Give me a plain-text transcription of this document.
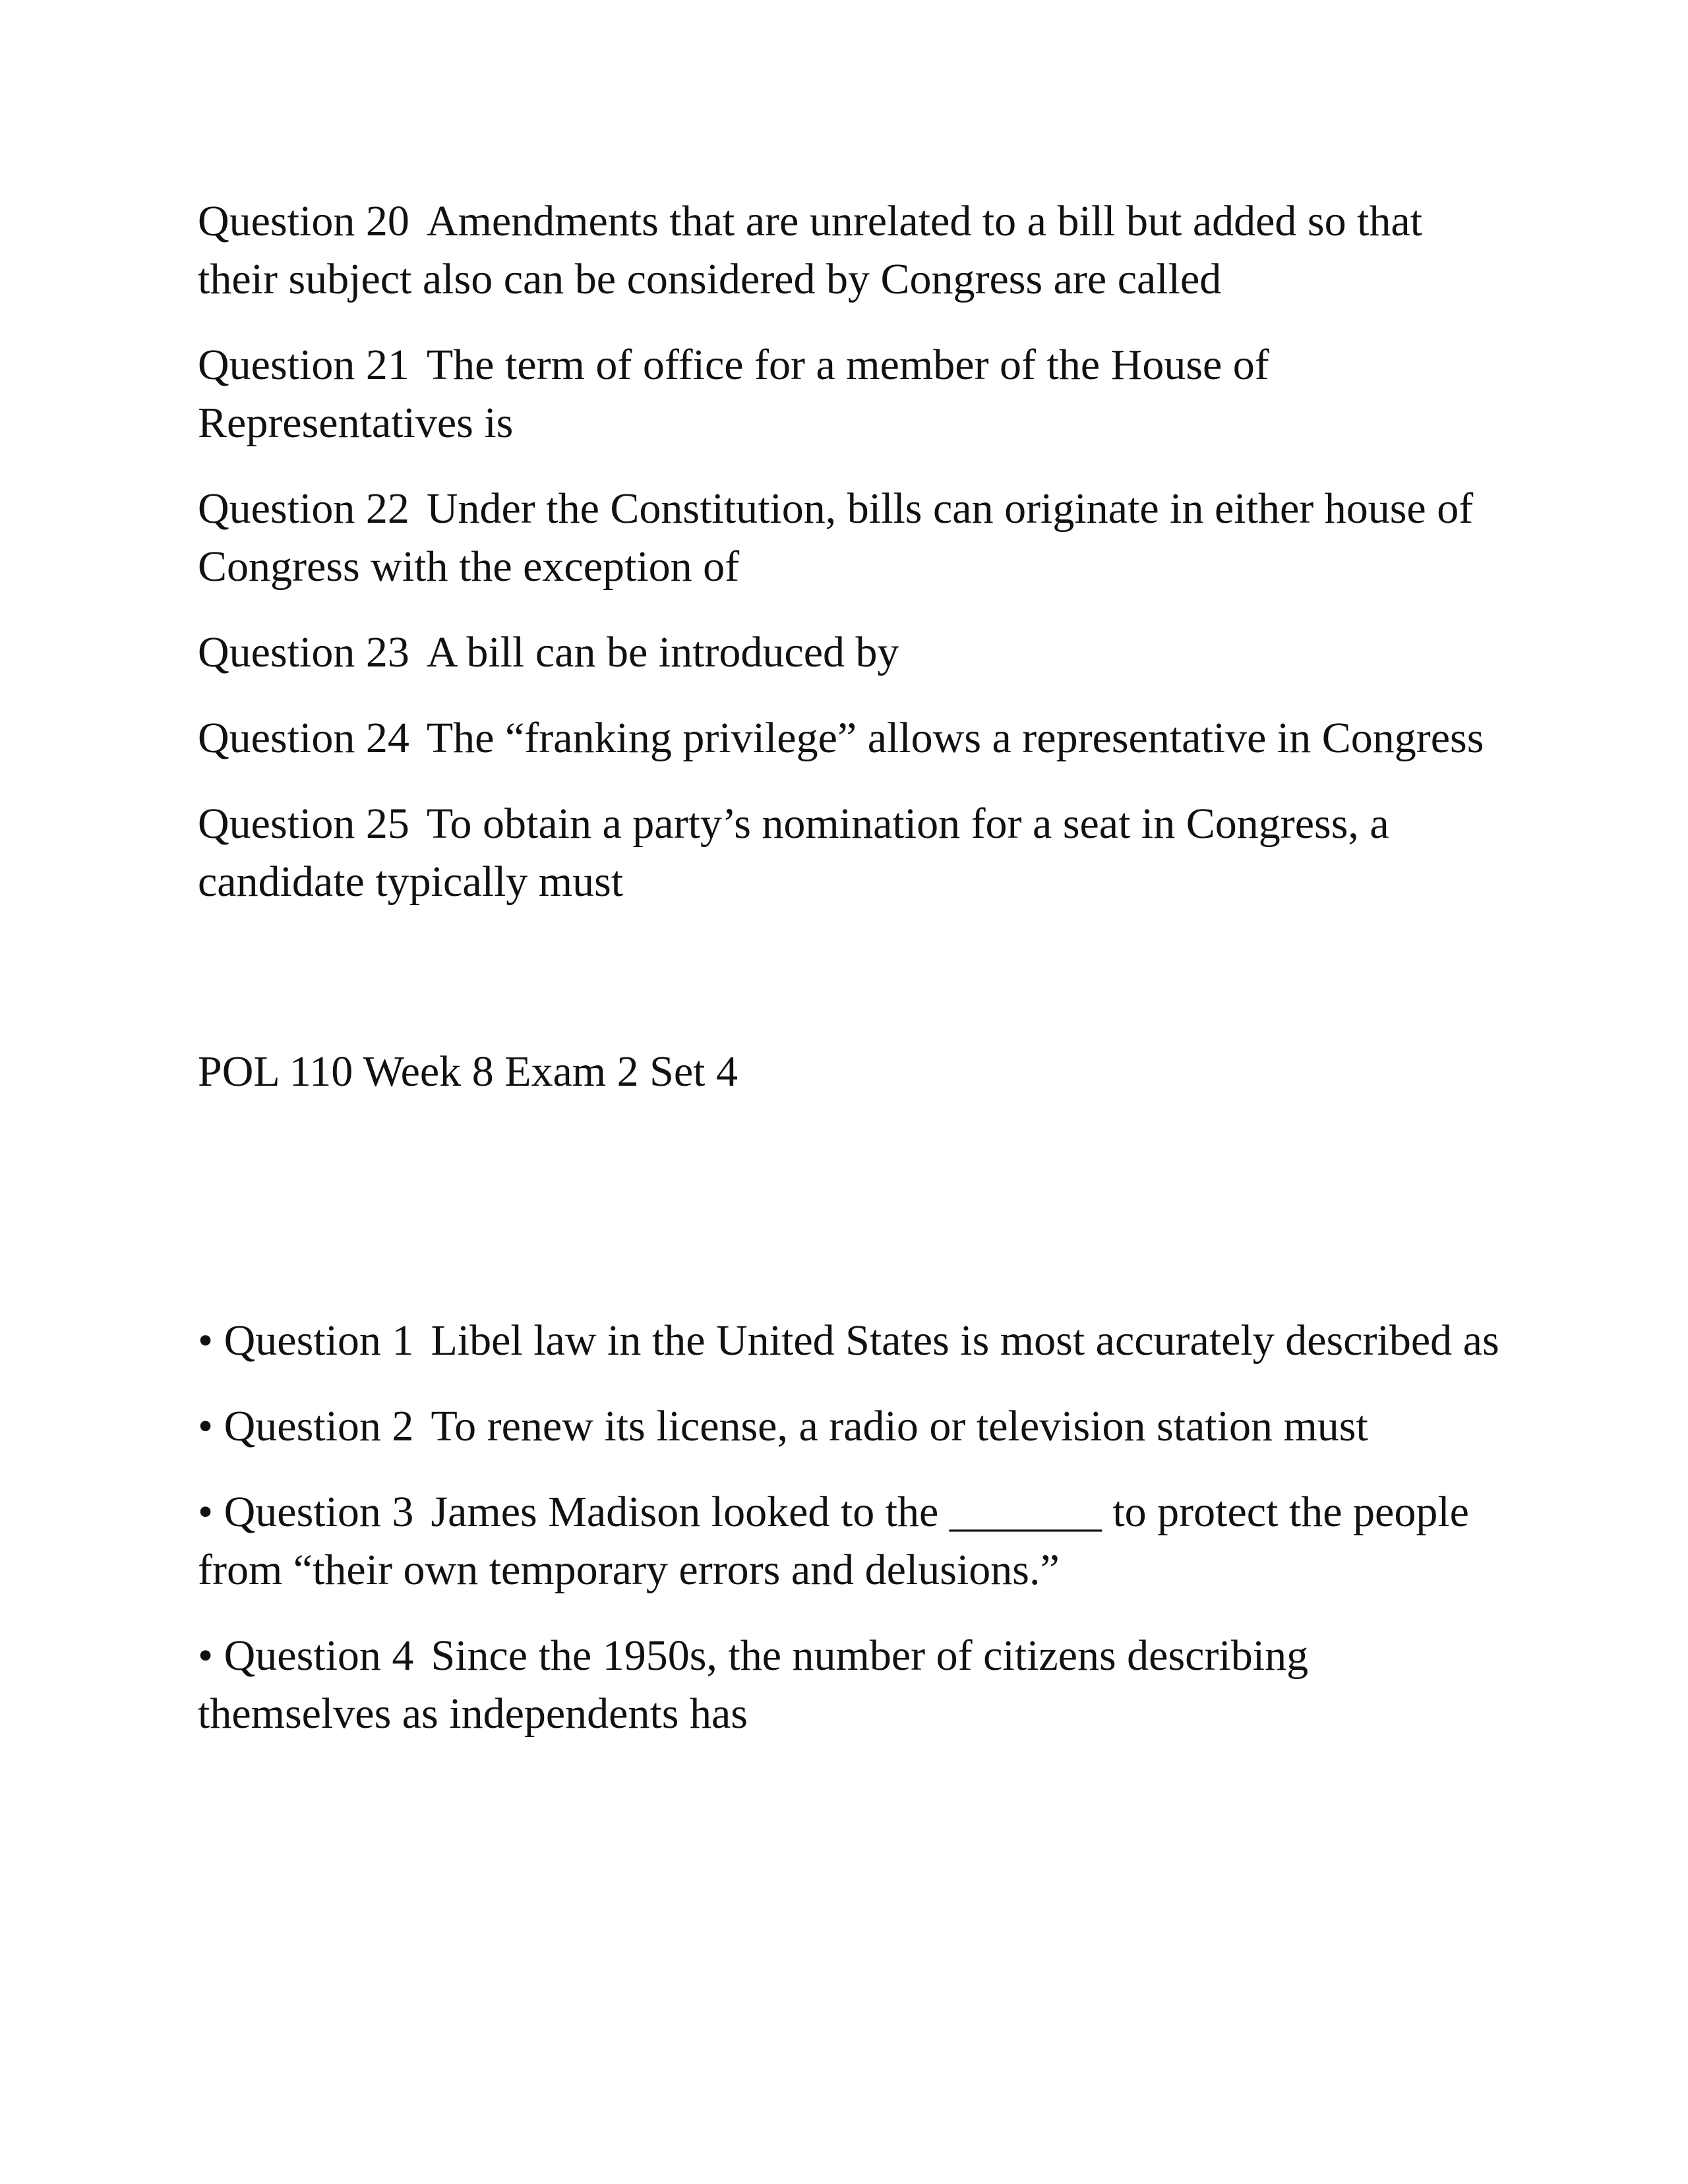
Question 20 Amendments that are unrelated to a bill but added so that their subject also can be considered by Congress are called

Question 21 The term of office for a member of the House of Representatives is

Question 22 Under the Constitution, bills can originate in either house of Congress with the exception of

Question 23 A bill can be introduced by

Question 24 The “franking privilege” allows a representative in Congress

Question 25 To obtain a party’s nomination for a seat in Congress, a candidate typically must

POL 110 Week 8 Exam 2 Set 4

• Question 1 Libel law in the United States is most accurately described as

• Question 2 To renew its license, a radio or television station must

• Question 3 James Madison looked to the _______ to protect the people from “their own temporary errors and delusions.”

• Question 4 Since the 1950s, the number of citizens describing themselves as independents has
